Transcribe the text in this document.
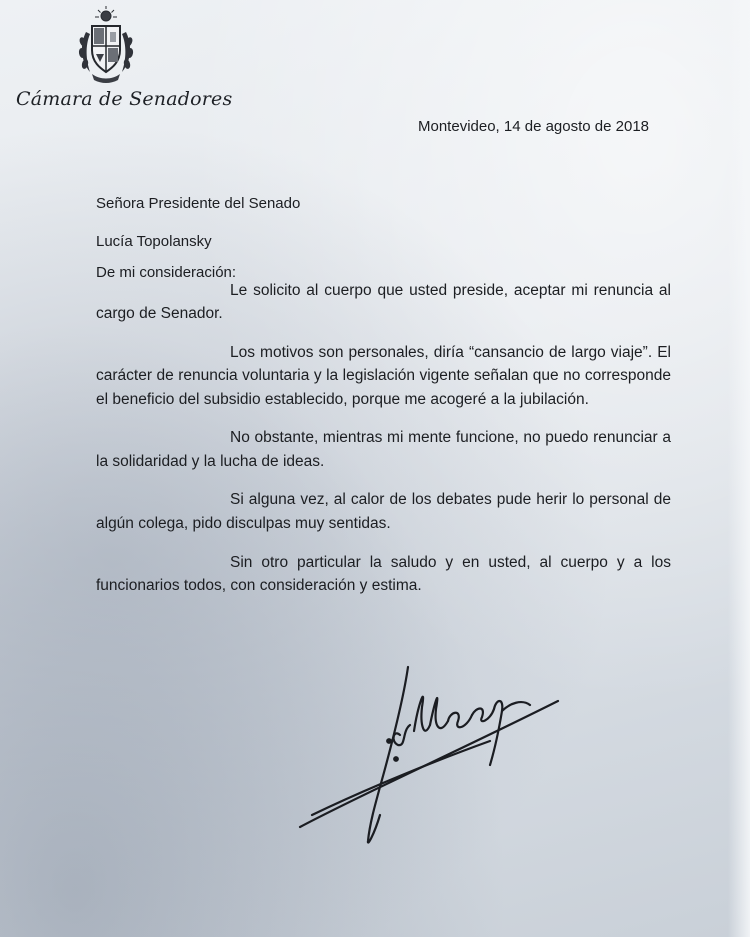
Cámara de Senadores
Montevideo, 14 de agosto de 2018
Señora Presidente del Senado
Lucía Topolansky
De mi consideración:

Le solicito al cuerpo que usted preside, aceptar mi renuncia al cargo de Senador.

Los motivos son personales, diría “cansancio de largo viaje”. El carácter de renuncia voluntaria y la legislación vigente señalan que no corresponde el beneficio del subsidio establecido, porque me acogeré a la jubilación.

No obstante, mientras mi mente funcione, no puedo renunciar a la solidaridad y la lucha de ideas.

Si alguna vez, al calor de los debates pude herir lo personal de algún colega, pido disculpas muy sentidas.

Sin otro particular la saludo y en usted, al cuerpo y a los funcionarios todos, con consideración y estima.
